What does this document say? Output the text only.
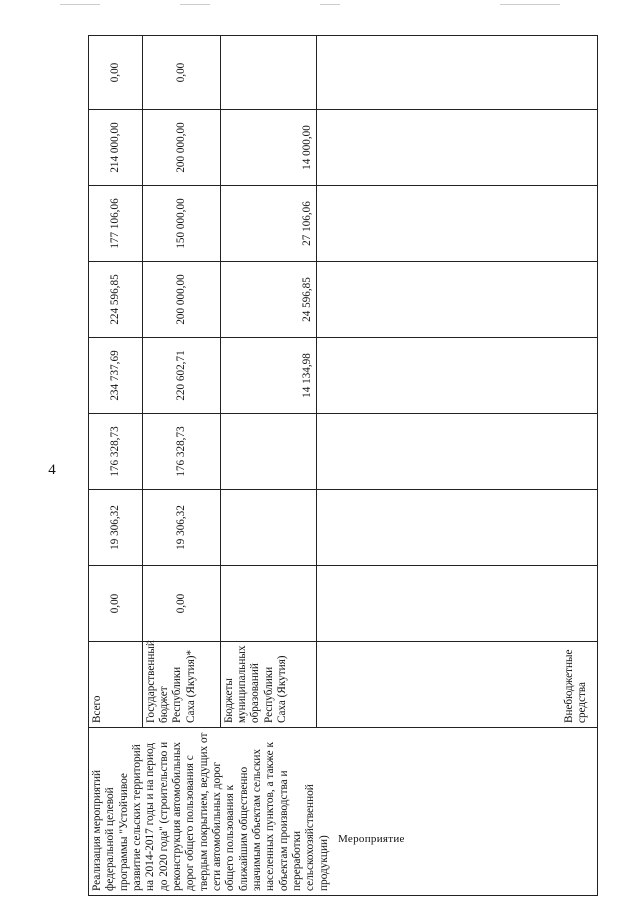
4
Мероприятие
Реализация мероприятий федеральной целевой программы "Устойчивое развитие сельских территорий на 2014-2017 годы и на период до 2020 года" (строительство и реконструкция автомобильных дорог общего пользования с твердым покрытием, ведущих от сети автомобильных дорог общего пользования к ближайшим общественно значимым объектам сельских населенных пунктов, а также к объектам производства и переработки сельскохозяйственной продукции)	Всего	0,00	19 306,32	176 328,73	234 737,69	224 596,85	177 106,06	214 000,00	0,00
	Государственный бюджет Республики Саха (Якутия)*	0,00	19 306,32	176 328,73	220 602,71	200 000,00	150 000,00	200 000,00	0,00
	Бюджеты муниципальных образований Республики Саха (Якутия)				14 134,98	24 596,85	27 106,06	14 000,00	
	Внебюджетные средства								
